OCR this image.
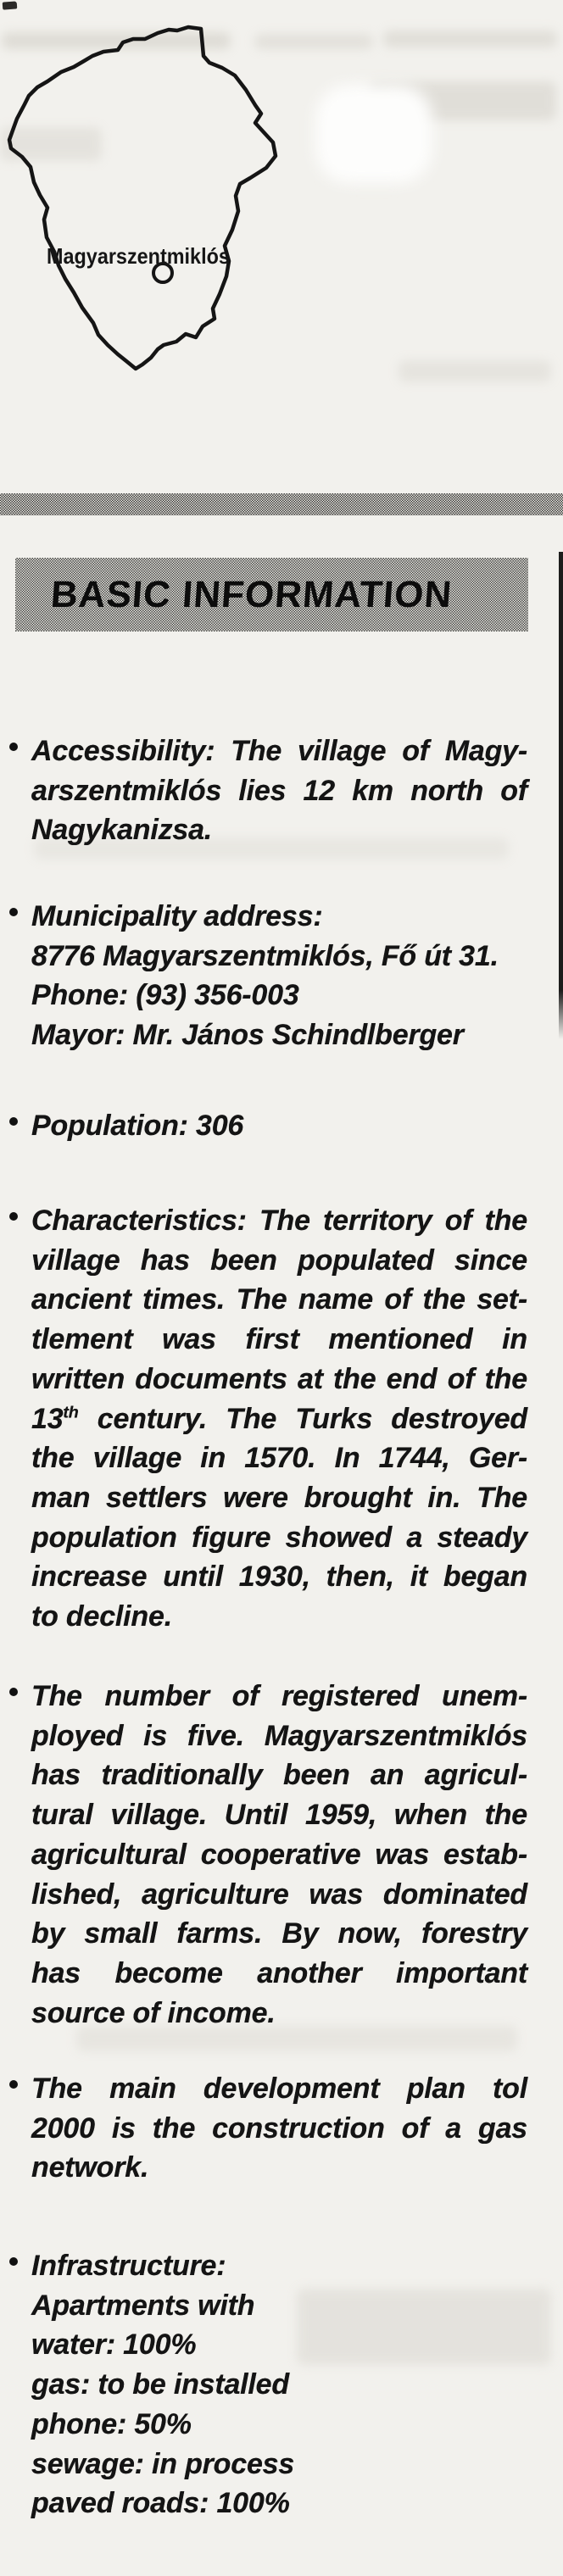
Magyarszentmiklós
BASIC INFORMATION
Accessibility: The village of Magy-
arszentmiklós lies 12 km north of
Nagykanizsa.
Municipality address:
8776 Magyarszentmiklós, Fő út 31.
Phone: (93) 356-003
Mayor: Mr. János Schindlberger
Population: 306
Characteristics: The territory of the
village has been populated since
ancient times. The name of the set-
tlement was first mentioned in
written documents at the end of the
13th century. The Turks destroyed
the village in 1570. In 1744, Ger-
man settlers were brought in. The
population figure showed a steady
increase until 1930, then, it began
to decline.
The number of registered unem-
ployed is five. Magyarszentmiklós
has traditionally been an agricul-
tural village. Until 1959, when the
agricultural cooperative was estab-
lished, agriculture was dominated
by small farms. By now, forestry
has become another important
source of income.
The main development plan tol
2000 is the construction of a gas
network.
Infrastructure:
Apartments with
water: 100%
gas: to be installed
phone: 50%
sewage: in process
paved roads: 100%
